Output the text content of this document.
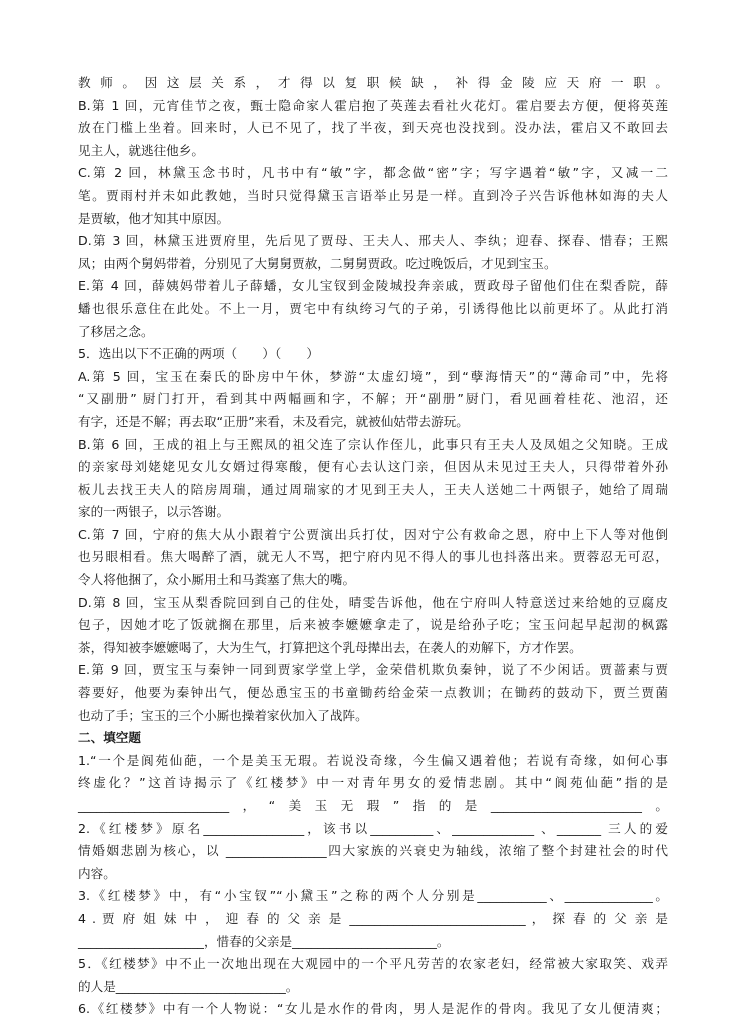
教师。因这层关系，才得以复职候缺，补得金陵应天府一职。

B.第 1 回，元宵佳节之夜，甄士隐命家人霍启抱了英莲去看社火花灯。霍启要去方便，便将英莲

放在门槛上坐着。回来时，人已不见了，找了半夜，到天亮也没找到。没办法，霍启又不敢回去

见主人，就逃往他乡。

C.第 2 回，林黛玉念书时，凡书中有“敏”字，都念做“密”字；写字遇着“敏”字，又减一二

笔。贾雨村并未如此教她，当时只觉得黛玉言语举止另是一样。直到冷子兴告诉他林如海的夫人

是贾敏，他才知其中原因。

D.第 3 回，林黛玉进贾府里，先后见了贾母、王夫人、邢夫人、李纨；迎春、探春、惜春；王熙

凤；由两个舅妈带着，分别见了大舅舅贾赦，二舅舅贾政。吃过晚饭后，才见到宝玉。

E.第 4 回，薛姨妈带着儿子薛蟠，女儿宝钗到金陵城投奔亲戚，贾政母子留他们住在梨香院，薛

蟠也很乐意住在此处。不上一月，贾宅中有纨绔习气的子弟，引诱得他比以前更坏了。从此打消

了移居之念。

5．选出以下不正确的两项（　　）（　　）

A.第 5 回，宝玉在秦氏的卧房中午休，梦游“太虚幻境”，到“孽海情天”的“薄命司”中，先将

“又副册” 厨门打开，看到其中两幅画和字，不解；开“副册”厨门，看见画着桂花、池沼，还

有字，还是不解；再去取“正册”来看，未及看完，就被仙姑带去游玩。

B.第 6 回，王成的祖上与王熙凤的祖父连了宗认作侄儿，此事只有王夫人及凤姐之父知晓。王成

的亲家母刘姥姥见女儿女婿过得寒酸，便有心去认这门亲，但因从未见过王夫人，只得带着外孙

板儿去找王夫人的陪房周瑞，通过周瑞家的才见到王夫人，王夫人送她二十两银子，她给了周瑞

家的一两银子，以示答谢。

C.第 7 回，宁府的焦大从小跟着宁公贾演出兵打仗，因对宁公有救命之恩，府中上下人等对他倒

也另眼相看。焦大喝醉了酒，就无人不骂，把宁府内见不得人的事儿也抖落出来。贾蓉忍无可忍，

令人将他捆了，众小厮用土和马粪塞了焦大的嘴。

D.第 8 回，宝玉从梨香院回到自己的住处，晴雯告诉他，他在宁府叫人特意送过来给她的豆腐皮

包子，因她才吃了饭就搁在那里，后来被李嬷嬷拿走了，说是给孙子吃；宝玉问起早起沏的枫露

茶，得知被李嬷嬷喝了，大为生气，打算把这个乳母撵出去，在袭人的劝解下，方才作罢。

E.第 9 回，贾宝玉与秦钟一同到贾家学堂上学，金荣借机欺负秦钟，说了不少闲话。贾蔷素与贾

蓉要好，他要为秦钟出气，便怂恿宝玉的书童锄药给金荣一点教训；在锄药的鼓动下，贾兰贾菌

也动了手；宝玉的三个小厮也操着家伙加入了战阵。

二、填空题

1.“一个是阆苑仙葩，一个是美玉无瑕。若说没奇缘，今生偏又遇着他；若说有奇缘，如何心事

终虚化？”这首诗揭示了《红楼梦》中一对青年男女的爱情悲剧。其中“阆苑仙葩”指的是

________________________，“美玉无瑕”指的是________________________。

2.《红楼梦》原名________________，该书以__________、_____________ 、_______ 三人的爱

情婚姻悲剧为核心，以 ________________四大家族的兴衰史为轴线，浓缩了整个封建社会的时代

内容。

3.《红楼梦》中，有“小宝钗”“小黛玉”之称的两个人分别是___________、______________。

4 . 贾 府 姐 妹 中 ， 迎 春 的 父 亲 是 ____________________________ ， 探 春 的 父 亲 是

____________________，惜春的父亲是_______________________。

5．《红楼梦》中不止一次地出现在大观园中的一个平凡劳苦的农家老妇，经常被大家取笑、戏弄

的人是___________________________。

6.《红楼梦》中有一个人物说：“女儿是水作的骨肉，男人是泥作的骨肉。我见了女儿便清爽；
